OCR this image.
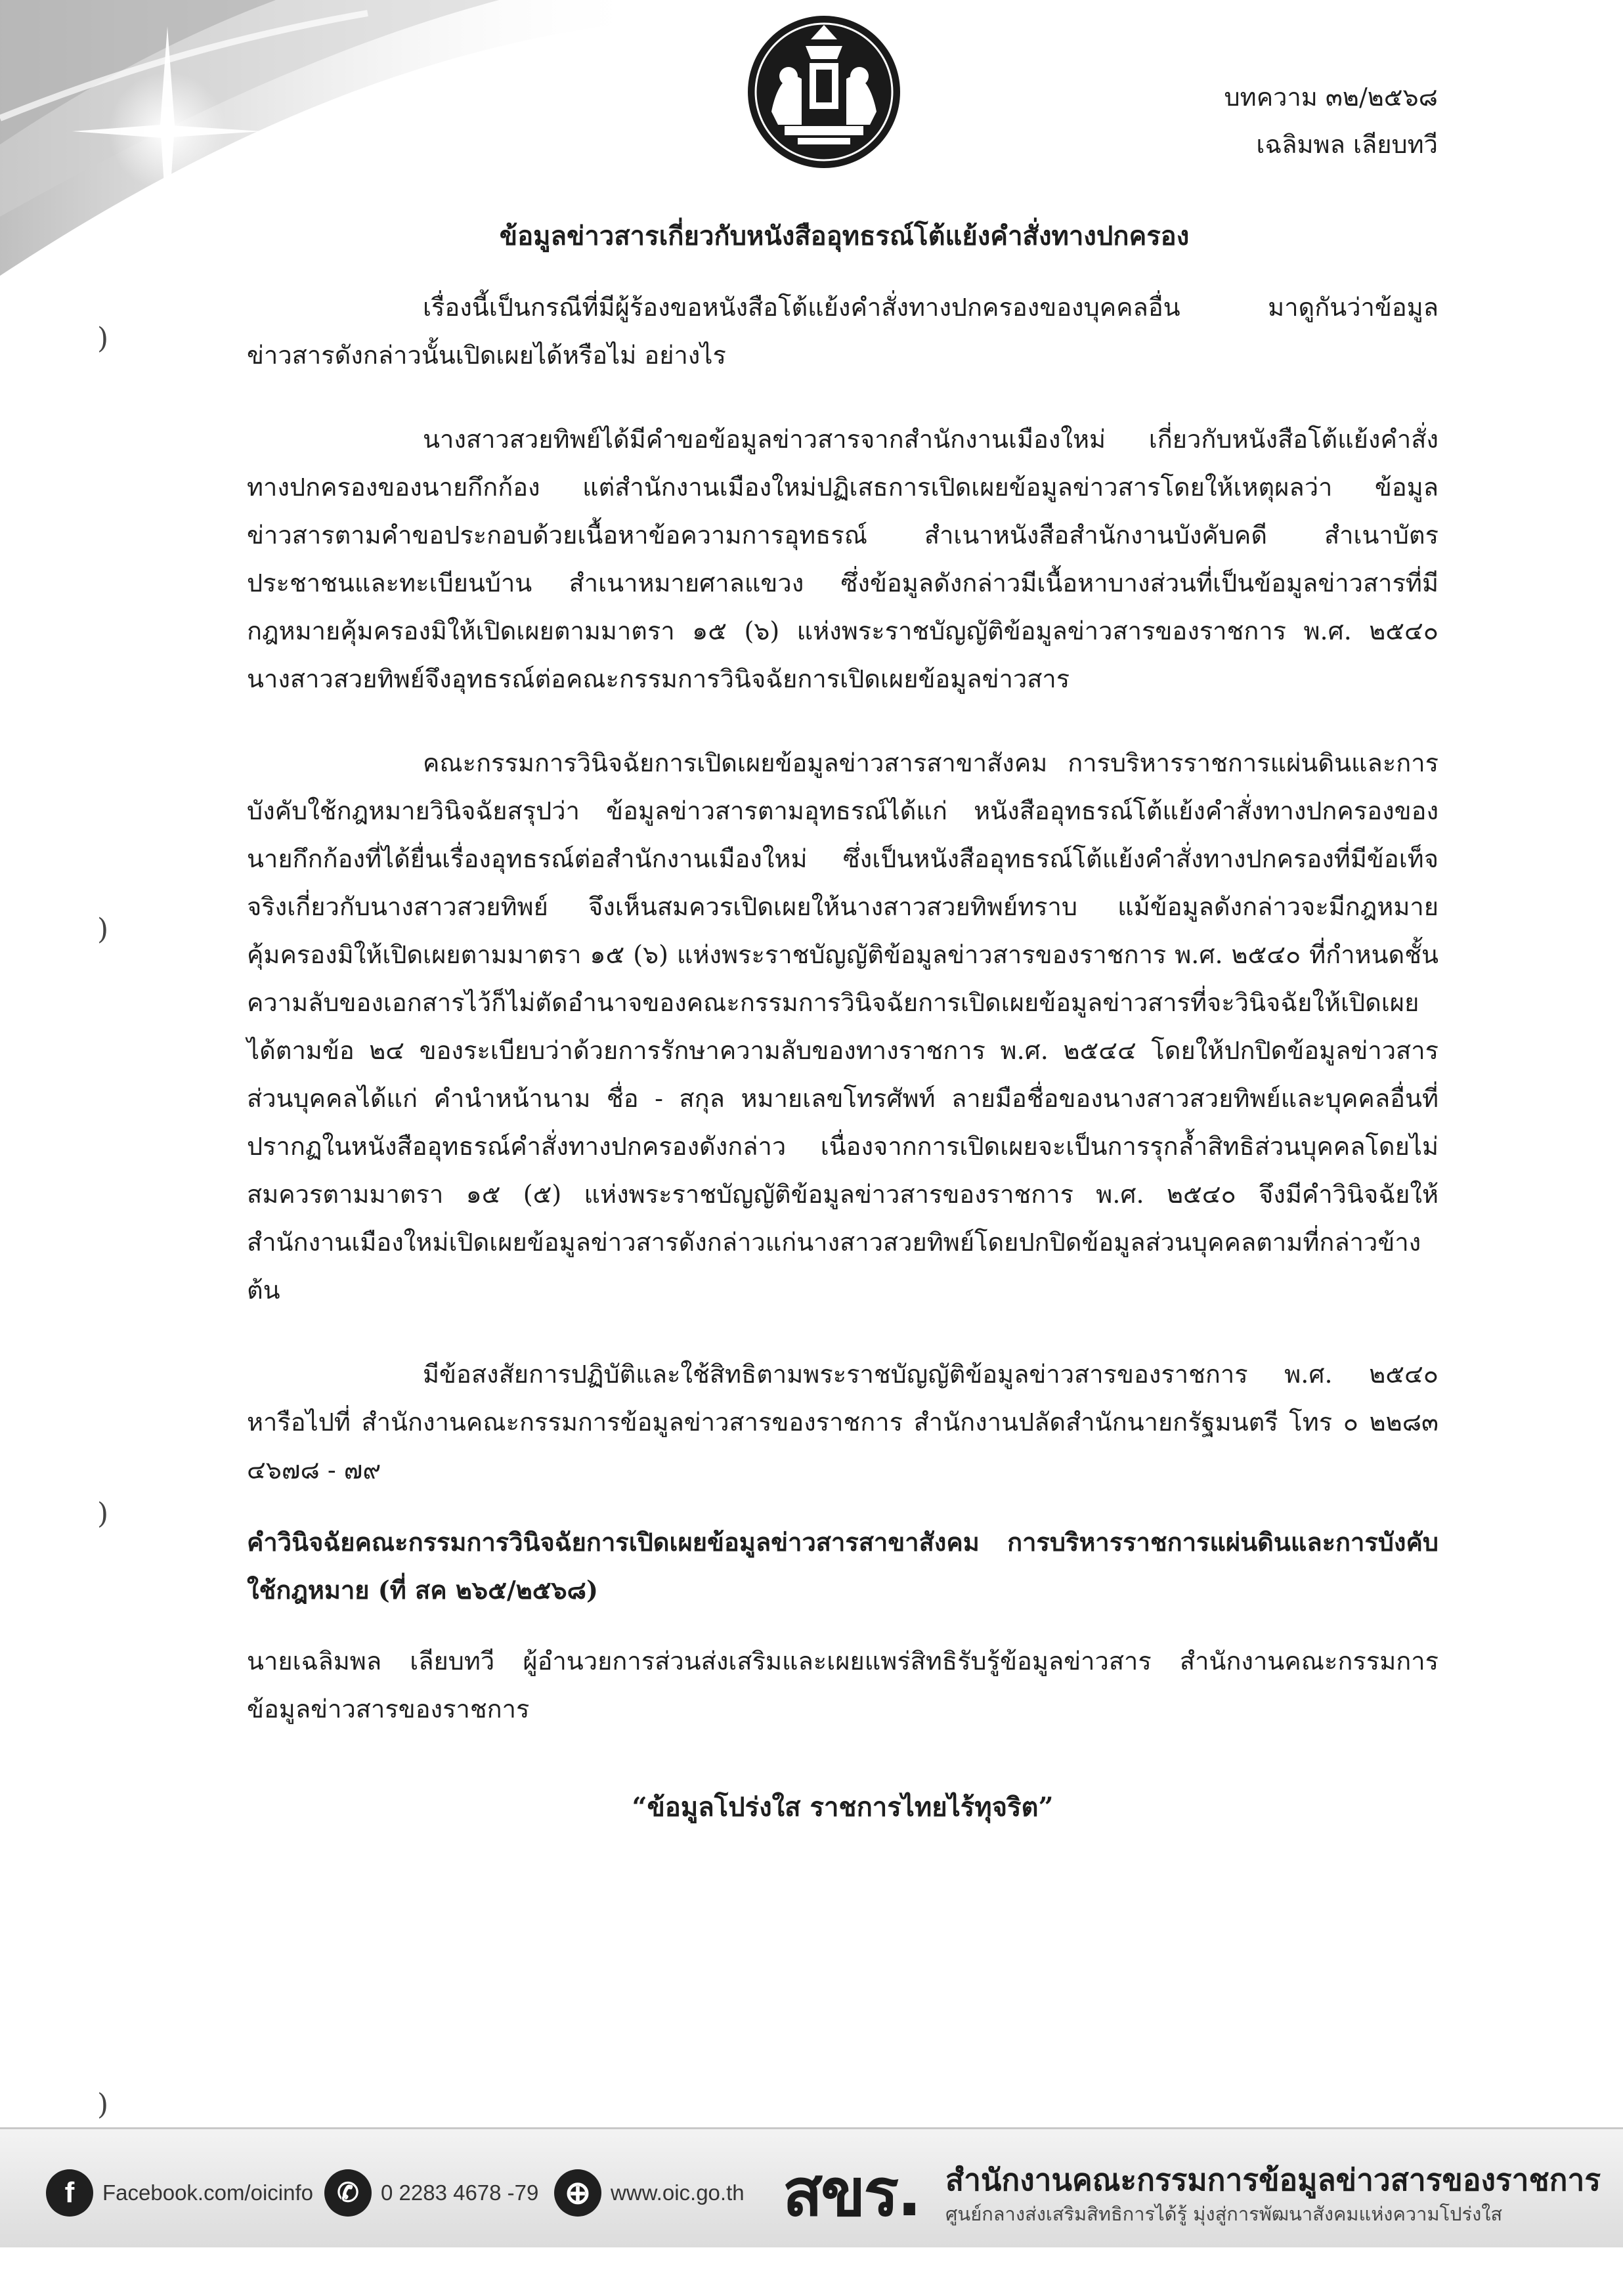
บทความ ๓๒/๒๕๖๘
เฉลิมพล เลียบทวี
ข้อมูลข่าวสารเกี่ยวกับหนังสืออุทธรณ์โต้แย้งคำสั่งทางปกครอง

เรื่องนี้เป็นกรณีที่มีผู้ร้องขอหนังสือโต้แย้งคำสั่งทางปกครองของบุคคลอื่น มาดูกันว่าข้อมูลข่าวสารดังกล่าวนั้นเปิดเผยได้หรือไม่ อย่างไร

นางสาวสวยทิพย์ได้มีคำขอข้อมูลข่าวสารจากสำนักงานเมืองใหม่ เกี่ยวกับหนังสือโต้แย้งคำสั่งทางปกครองของนายกึกก้อง แต่สำนักงานเมืองใหม่ปฏิเสธการเปิดเผยข้อมูลข่าวสารโดยให้เหตุผลว่า ข้อมูลข่าวสารตามคำขอประกอบด้วยเนื้อหาข้อความการอุทธรณ์ สำเนาหนังสือสำนักงานบังคับคดี สำเนาบัตรประชาชนและทะเบียนบ้าน สำเนาหมายศาลแขวง ซึ่งข้อมูลดังกล่าวมีเนื้อหาบางส่วนที่เป็นข้อมูลข่าวสารที่มีกฎหมายคุ้มครองมิให้เปิดเผยตามมาตรา ๑๕ (๖) แห่งพระราชบัญญัติข้อมูลข่าวสารของราชการ พ.ศ. ๒๕๔๐ นางสาวสวยทิพย์จึงอุทธรณ์ต่อคณะกรรมการวินิจฉัยการเปิดเผยข้อมูลข่าวสาร

คณะกรรมการวินิจฉัยการเปิดเผยข้อมูลข่าวสารสาขาสังคม การบริหารราชการแผ่นดินและการบังคับใช้กฎหมายวินิจฉัยสรุปว่า ข้อมูลข่าวสารตามอุทธรณ์ได้แก่ หนังสืออุทธรณ์โต้แย้งคำสั่งทางปกครองของนายกึกก้องที่ได้ยื่นเรื่องอุทธรณ์ต่อสำนักงานเมืองใหม่ ซึ่งเป็นหนังสืออุทธรณ์โต้แย้งคำสั่งทางปกครองที่มีข้อเท็จจริงเกี่ยวกับนางสาวสวยทิพย์ จึงเห็นสมควรเปิดเผยให้นางสาวสวยทิพย์ทราบ แม้ข้อมูลดังกล่าวจะมีกฎหมายคุ้มครองมิให้เปิดเผยตามมาตรา ๑๕ (๖) แห่งพระราชบัญญัติข้อมูลข่าวสารของราชการ พ.ศ. ๒๕๔๐ ที่กำหนดชั้นความลับของเอกสารไว้ก็ไม่ตัดอำนาจของคณะกรรมการวินิจฉัยการเปิดเผยข้อมูลข่าวสารที่จะวินิจฉัยให้เปิดเผยได้ตามข้อ ๒๔ ของระเบียบว่าด้วยการรักษาความลับของทางราชการ พ.ศ. ๒๕๔๔ โดยให้ปกปิดข้อมูลข่าวสารส่วนบุคคลได้แก่ คำนำหน้านาม ชื่อ - สกุล หมายเลขโทรศัพท์ ลายมือชื่อของนางสาวสวยทิพย์และบุคคลอื่นที่ปรากฏในหนังสืออุทธรณ์คำสั่งทางปกครองดังกล่าว เนื่องจากการเปิดเผยจะเป็นการรุกล้ำสิทธิส่วนบุคคลโดยไม่สมควรตามมาตรา ๑๕ (๕) แห่งพระราชบัญญัติข้อมูลข่าวสารของราชการ พ.ศ. ๒๕๔๐ จึงมีคำวินิจฉัยให้สำนักงานเมืองใหม่เปิดเผยข้อมูลข่าวสารดังกล่าวแก่นางสาวสวยทิพย์โดยปกปิดข้อมูลส่วนบุคคลตามที่กล่าวข้างต้น

มีข้อสงสัยการปฏิบัติและใช้สิทธิตามพระราชบัญญัติข้อมูลข่าวสารของราชการ พ.ศ. ๒๕๔๐ หารือไปที่ สำนักงานคณะกรรมการข้อมูลข่าวสารของราชการ สำนักงานปลัดสำนักนายกรัฐมนตรี โทร ๐ ๒๒๘๓ ๔๖๗๘ - ๗๙

คำวินิจฉัยคณะกรรมการวินิจฉัยการเปิดเผยข้อมูลข่าวสารสาขาสังคม การบริหารราชการแผ่นดินและการบังคับใช้กฎหมาย (ที่ สค ๒๖๕/๒๕๖๘)

นายเฉลิมพล เลียบทวี ผู้อำนวยการส่วนส่งเสริมและเผยแพร่สิทธิรับรู้ข้อมูลข่าวสาร สำนักงานคณะกรรมการข้อมูลข่าวสารของราชการ

“ข้อมูลโปร่งใส ราชการไทยไร้ทุจริต”

)
)
)
)
f	Facebook.com/oicinfo ✆	0 2283 4678 -79 ⊕ www.oic.go.th สขร. สำนักงานคณะกรรมการข้อมูลข่าวสารของราชการ
ศูนย์กลางส่งเสริมสิทธิการได้รู้ มุ่งสู่การพัฒนาสังคมแห่งความโปร่งใส
